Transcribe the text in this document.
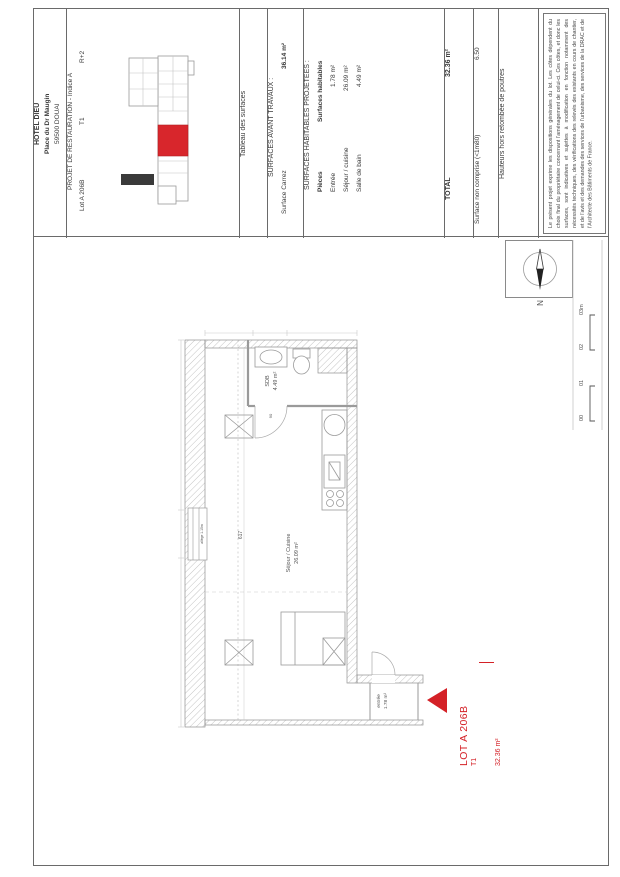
HOTEL DIEU Place du Dr Maugin 59500 DOUAI PROJET DE RESTAURATION - Indice A
Lot A 206B
T1
R+2
Tableau des surfaces	SURFACES AVANT TRAVAUX :
Surface Carrez
36.14 m²
SURFACES HABITABLES PROJETEES : Pièces
Surfaces habitables
Entrée
1.78 m²
Séjour / cuisine
26.09 m²
Salle de bain
4.49 m²
TOTAL
32.36 m²
Surface non comprise (<1m80)
6.50
Hauteurs hors retombée de poutres	Le présent projet exprime les dispositions générales du lot. Les côtes dépendent du choix final du propriétaire concernant l'aménagement de celui-ci. Ces côtes, et donc les surfaces, sont indicatives et sujettes à modification en fonction notamment des nécessités techniques, des vérifications des relevés des existants en cours de chantier, et de l'avis et des demandes des services de l'urbanisme, des services de la DRAC et de l'Architecte des Bâtiments de France.
N
00
01
02
03m
allège 1.15m	617
90
SDB 4.49 m²
Séjour / Cuisine 26.09 m²
entrée 1.78 m²
LOT A 206B T1 32.36 m²
